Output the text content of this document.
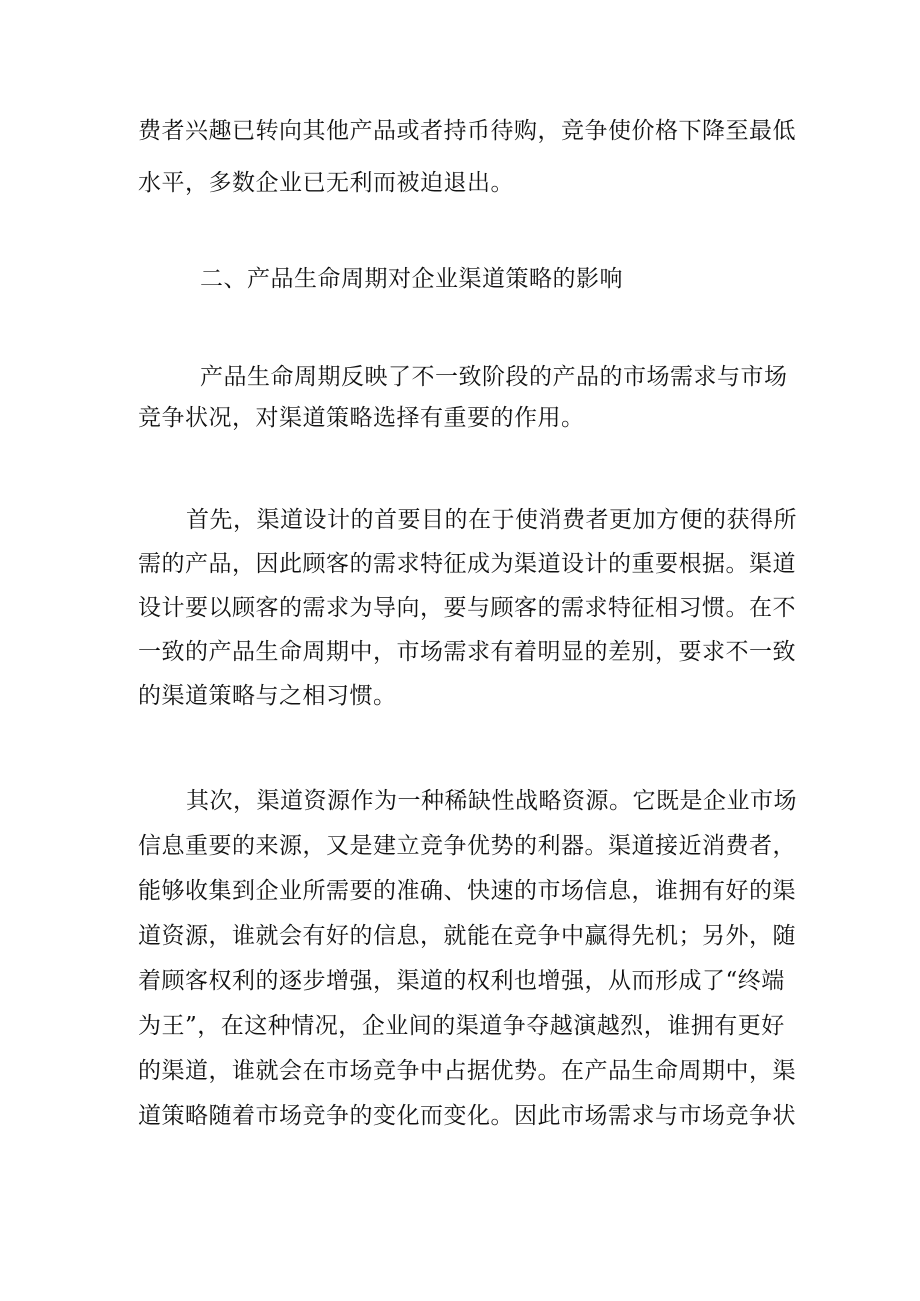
费者兴趣已转向其他产品或者持币待购，竞争使价格下降至最低
水平，多数企业已无利而被迫退出。
二、产品生命周期对企业渠道策略的影响
产品生命周期反映了不一致阶段的产品的市场需求与市场
竞争状况，对渠道策略选择有重要的作用。
首先，渠道设计的首要目的在于使消费者更加方便的获得所
需的产品，因此顾客的需求特征成为渠道设计的重要根据。渠道
设计要以顾客的需求为导向，要与顾客的需求特征相习惯。在不
一致的产品生命周期中，市场需求有着明显的差别，要求不一致
的渠道策略与之相习惯。
其次，渠道资源作为一种稀缺性战略资源。它既是企业市场
信息重要的来源，又是建立竞争优势的利器。渠道接近消费者，
能够收集到企业所需要的准确、快速的市场信息，谁拥有好的渠
道资源，谁就会有好的信息，就能在竞争中赢得先机；另外，随
着顾客权利的逐步增强，渠道的权利也增强，从而形成了“终端
为王”，在这种情况，企业间的渠道争夺越演越烈，谁拥有更好
的渠道，谁就会在市场竞争中占据优势。在产品生命周期中，渠
道策略随着市场竞争的变化而变化。因此市场需求与市场竞争状
